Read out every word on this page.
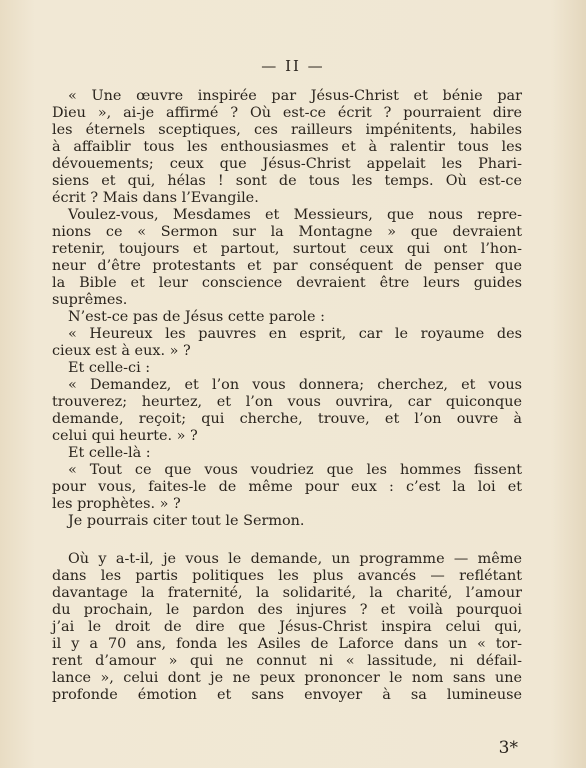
— II —
« Une œuvre inspirée par Jésus-Christ et bénie par
Dieu », ai-je affirmé ? Où est-ce écrit ? pourraient dire
les éternels sceptiques, ces railleurs impénitents, habiles
à affaiblir tous les enthousiasmes et à ralentir tous les
dévouements; ceux que Jésus-Christ appelait les Phari-
siens et qui, hélas ! sont de tous les temps. Où est-ce
écrit ? Mais dans l’Evangile.
Voulez-vous, Mesdames et Messieurs, que nous repre-
nions ce « Sermon sur la Montagne » que devraient
retenir, toujours et partout, surtout ceux qui ont l’hon-
neur d’être protestants et par conséquent de penser que
la Bible et leur conscience devraient être leurs guides
suprêmes.
N’est-ce pas de Jésus cette parole :
« Heureux les pauvres en esprit, car le royaume des
cieux est à eux. » ?
Et celle-ci :
« Demandez, et l’on vous donnera; cherchez, et vous
trouverez; heurtez, et l’on vous ouvrira, car quiconque
demande, reçoit; qui cherche, trouve, et l’on ouvre à
celui qui heurte. » ?
Et celle-là :
« Tout ce que vous voudriez que les hommes fissent
pour vous, faites-le de même pour eux : c’est la loi et
les prophètes. » ?
Je pourrais citer tout le Sermon.
Où y a-t-il, je vous le demande, un programme — même
dans les partis politiques les plus avancés — reflétant
davantage la fraternité, la solidarité, la charité, l’amour
du prochain, le pardon des injures ? et voilà pourquoi
j’ai le droit de dire que Jésus-Christ inspira celui qui,
il y a 70 ans, fonda les Asiles de Laforce dans un « tor-
rent d’amour » qui ne connut ni « lassitude, ni défail-
lance », celui dont je ne peux prononcer le nom sans une
profonde émotion et sans envoyer à sa lumineuse
3*
